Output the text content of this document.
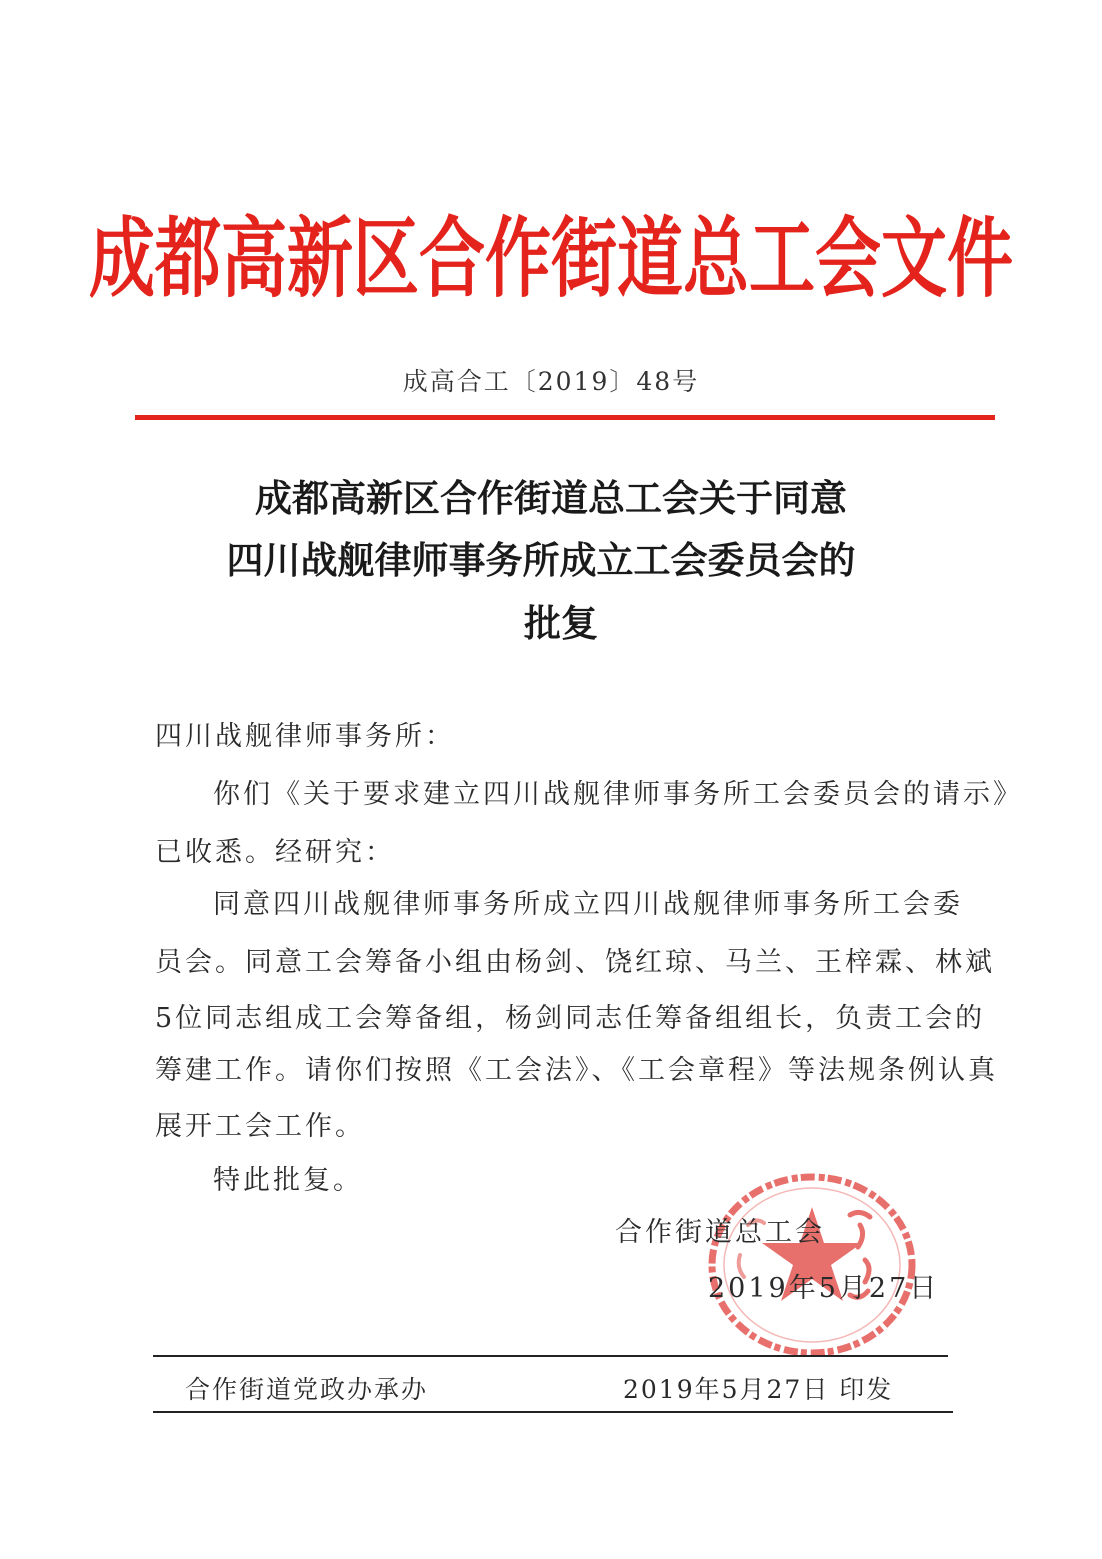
成都高新区合作街道总工会文件
成高合工〔2019〕48号
成都高新区合作街道总工会关于同意
四川战舰律师事务所成立工会委员会的
批复
四川战舰律师事务所：
你们《关于要求建立四川战舰律师事务所工会委员会的请示》
已收悉。经研究：
同意四川战舰律师事务所成立四川战舰律师事务所工会委
员会。同意工会筹备小组由杨剑、饶红琼、马兰、王梓霖、林斌
5位同志组成工会筹备组，杨剑同志任筹备组组长，负责工会的
筹建工作。请你们按照《工会法》、《工会章程》等法规条例认真
展开工会工作。
特此批复。
合作街道总工会
2019年5月27日
合作街道党政办承办	2019年5月27日 印发
